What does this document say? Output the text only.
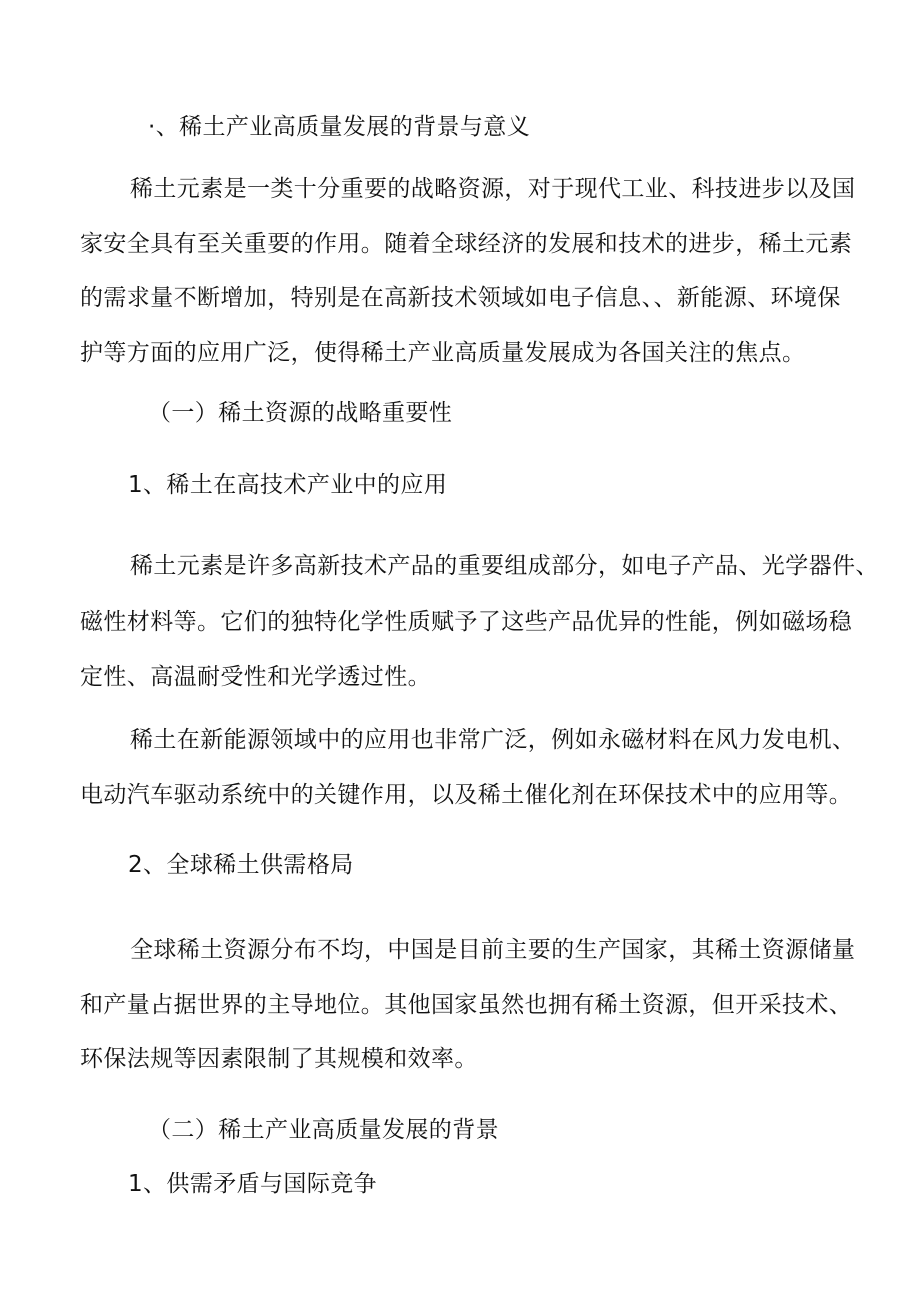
·、稀土产业高质量发展的背景与意义
稀土元素是一类十分重要的战略资源，对于现代工业、科技进步以及国
家安全具有至关重要的作用。随着全球经济的发展和技术的进步，稀土元素
的需求量不断增加，特别是在高新技术领域如电子信息、、新能源、环境保
护等方面的应用广泛，使得稀土产业高质量发展成为各国关注的焦点。
（一）稀土资源的战略重要性
1、稀土在高技术产业中的应用
稀土元素是许多高新技术产品的重要组成部分，如电子产品、光学器件、
磁性材料等。它们的独特化学性质赋予了这些产品优异的性能，例如磁场稳
定性、高温耐受性和光学透过性。
稀土在新能源领域中的应用也非常广泛，例如永磁材料在风力发电机、
电动汽车驱动系统中的关键作用，以及稀土催化剂在环保技术中的应用等。
2、全球稀土供需格局
全球稀土资源分布不均，中国是目前主要的生产国家，其稀土资源储量
和产量占据世界的主导地位。其他国家虽然也拥有稀土资源，但开采技术、
环保法规等因素限制了其规模和效率。
（二）稀土产业高质量发展的背景
1、供需矛盾与国际竞争
